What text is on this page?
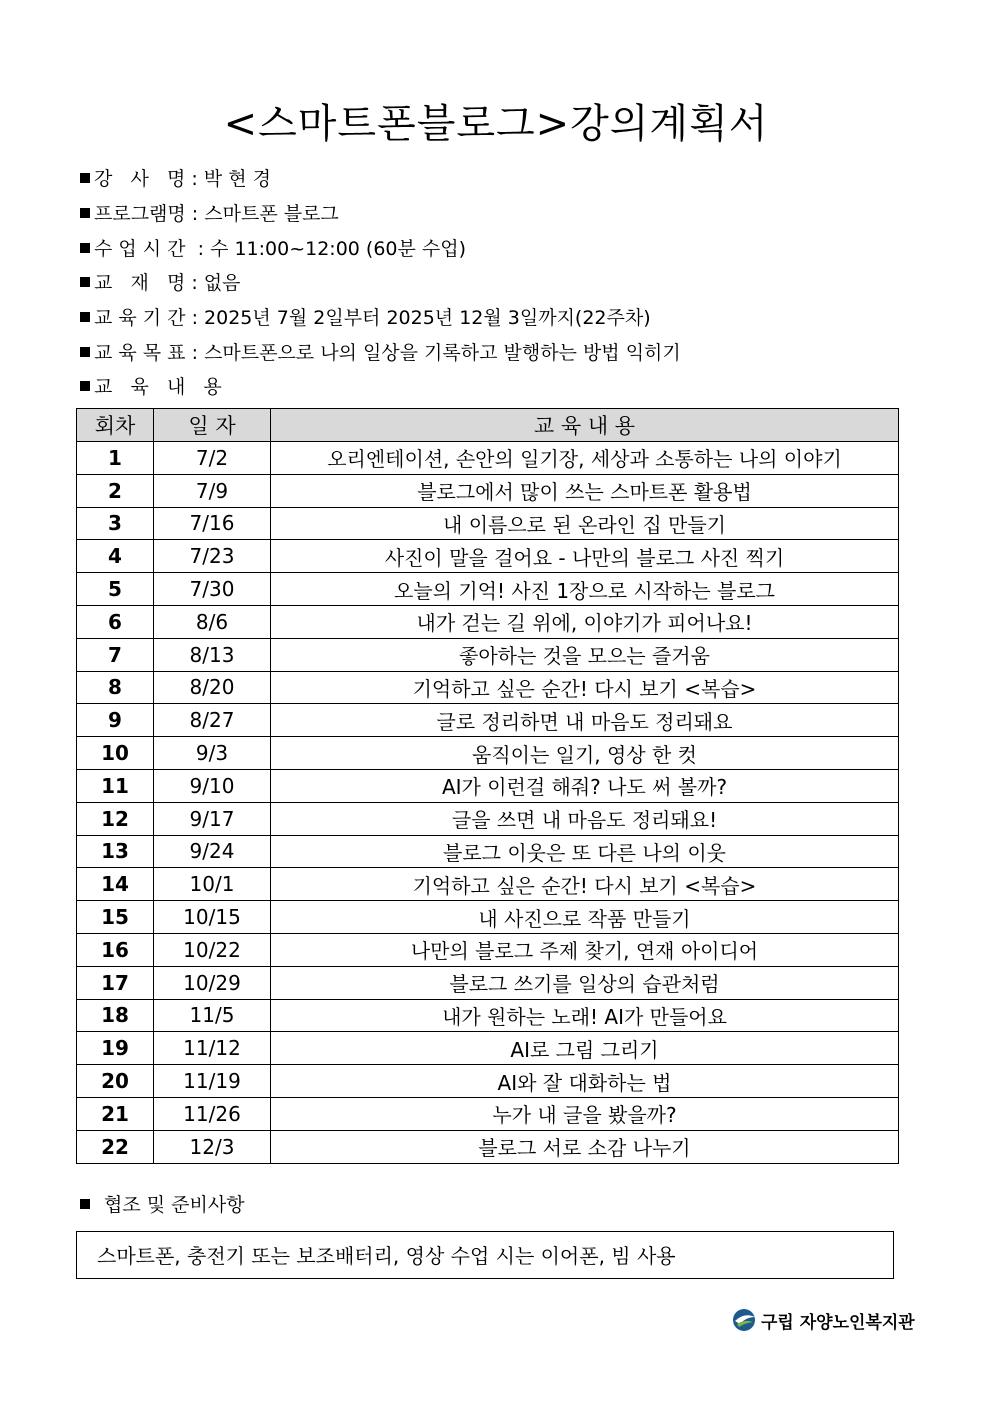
<스마트폰블로그>강의계획서
강   사   명 : 박 현 경
프로그램명 : 스마트폰 블로그
수 업 시 간  : 수 11:00~12:00 (60분 수업)
교   재   명 : 없음
교 육 기 간 : 2025년 7월 2일부터 2025년 12월 3일까지(22주차)
교 육 목 표 : 스마트폰으로 나의 일상을 기록하고 발행하는 방법 익히기
교   육   내   용
회차	일 자	교 육 내 용
1	7/2	오리엔테이션, 손안의 일기장, 세상과 소통하는 나의 이야기
2	7/9	블로그에서 많이 쓰는 스마트폰 활용법
3	7/16	내 이름으로 된 온라인 집 만들기
4	7/23	사진이 말을 걸어요 - 나만의 블로그 사진 찍기
5	7/30	오늘의 기억! 사진 1장으로 시작하는 블로그
6	8/6	내가 걷는 길 위에, 이야기가 피어나요!
7	8/13	좋아하는 것을 모으는 즐거움
8	8/20	기억하고 싶은 순간! 다시 보기 <복습>
9	8/27	글로 정리하면 내 마음도 정리돼요
10	9/3	움직이는 일기, 영상 한 컷
11	9/10	AI가 이런걸 해줘? 나도 써 볼까?
12	9/17	글을 쓰면 내 마음도 정리돼요!
13	9/24	블로그 이웃은 또 다른 나의 이웃
14	10/1	기억하고 싶은 순간! 다시 보기 <복습>
15	10/15	내 사진으로 작품 만들기
16	10/22	나만의 블로그 주제 찾기, 연재 아이디어
17	10/29	블로그 쓰기를 일상의 습관처럼
18	11/5	내가 원하는 노래! AI가 만들어요
19	11/12	AI로 그림 그리기
20	11/19	AI와 잘 대화하는 법
21	11/26	누가 내 글을 봤을까?
22	12/3	블로그 서로 소감 나누기
협조 및 준비사항
스마트폰, 충전기 또는 보조배터리, 영상 수업 시는 이어폰, 빔 사용
구립 자양노인복지관
